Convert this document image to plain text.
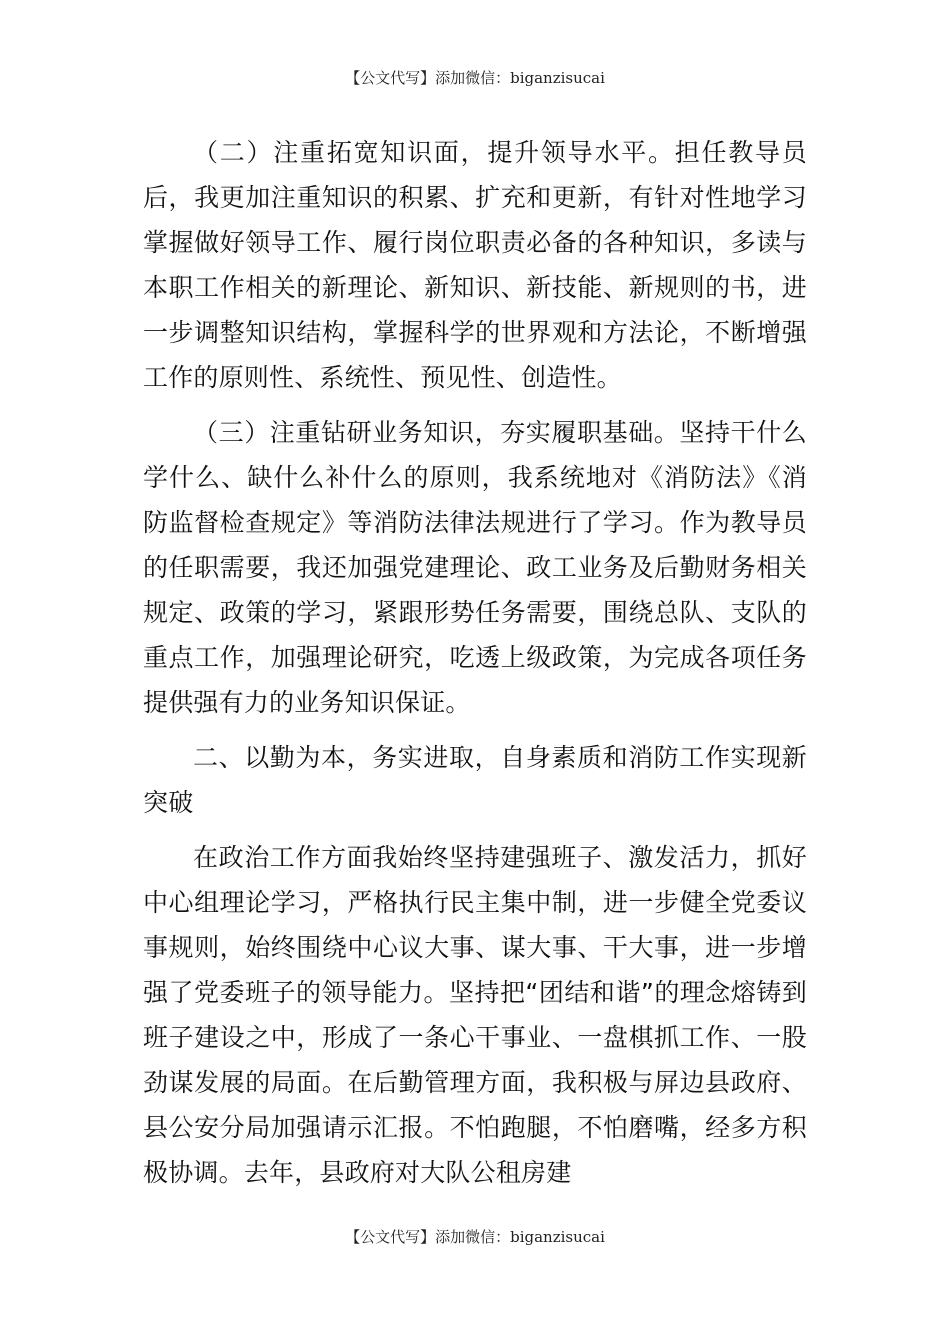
【公文代写】添加微信：biganzisucai

（二）注重拓宽知识面，提升领导水平。担任教导员后，我更加注重知识的积累、扩充和更新，有针对性地学习掌握做好领导工作、履行岗位职责必备的各种知识，多读与本职工作相关的新理论、新知识、新技能、新规则的书，进一步调整知识结构，掌握科学的世界观和方法论，不断增强工作的原则性、系统性、预见性、创造性。

（三）注重钻研业务知识，夯实履职基础。坚持干什么学什么、缺什么补什么的原则，我系统地对《消防法》《消防监督检查规定》等消防法律法规进行了学习。作为教导员的任职需要，我还加强党建理论、政工业务及后勤财务相关规定、政策的学习，紧跟形势任务需要，围绕总队、支队的重点工作，加强理论研究，吃透上级政策，为完成各项任务提供强有力的业务知识保证。

二、以勤为本，务实进取，自身素质和消防工作实现新突破

在政治工作方面我始终坚持建强班子、激发活力，抓好中心组理论学习，严格执行民主集中制，进一步健全党委议事规则，始终围绕中心议大事、谋大事、干大事，进一步增强了党委班子的领导能力。坚持把“团结和谐”的理念熔铸到班子建设之中，形成了一条心干事业、一盘棋抓工作、一股劲谋发展的局面。在后勤管理方面，我积极与屏边县政府、县公安分局加强请示汇报。不怕跑腿，不怕磨嘴，经多方积极协调。去年，县政府对大队公租房建

【公文代写】添加微信：biganzisucai
